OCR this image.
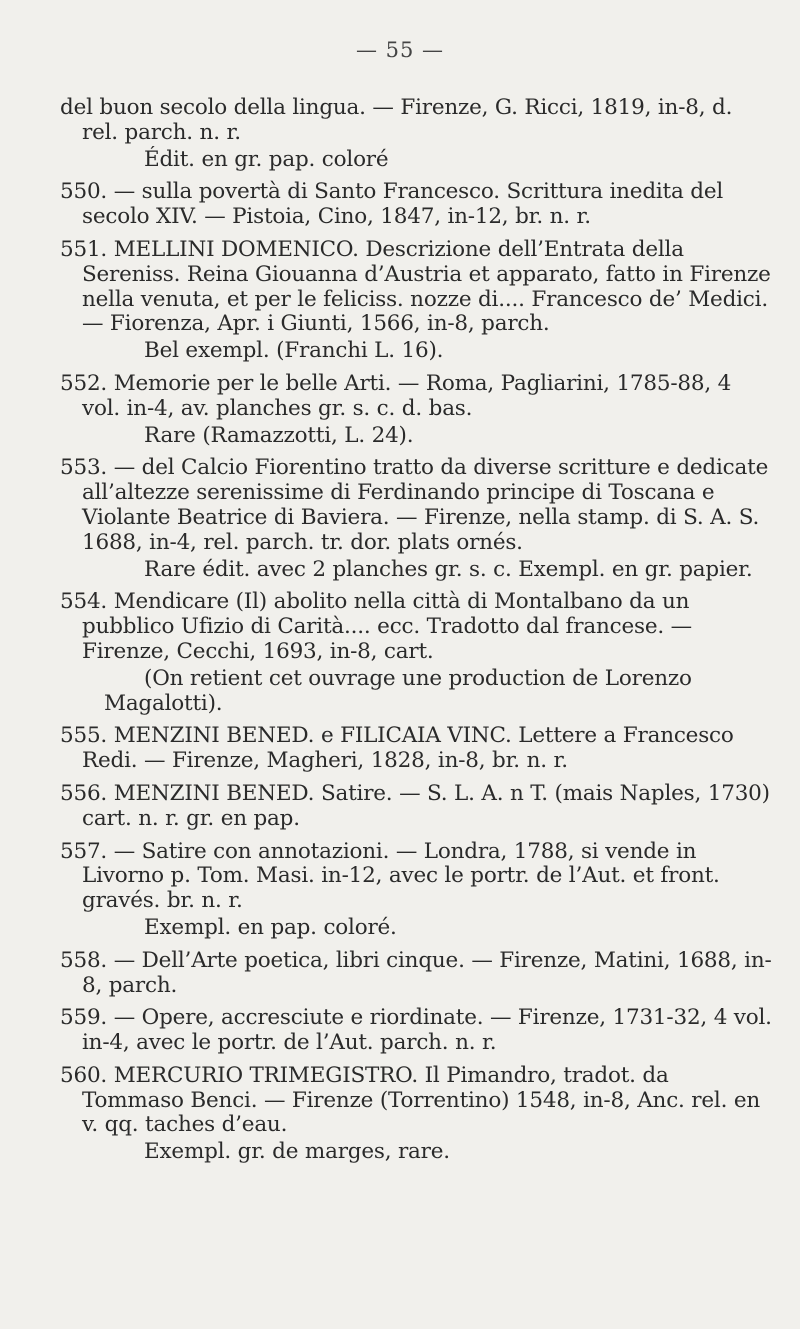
— 55 —
del buon secolo della lingua. — Firenze, G. Ricci, 1819, in-8, d. rel. parch. n. r.
Édit. en gr. pap. coloré
550. — sulla povertà di Santo Francesco. Scrittura inedita del secolo XIV. — Pistoia, Cino, 1847, in-12, br. n. r.
551. MELLINI DOMENICO. Descrizione dell’Entrata della Sereniss. Reina Giouanna d’Austria et apparato, fatto in Firenze nella venuta, et per le feliciss. nozze di.... Francesco de’ Medici. — Fiorenza, Apr. i Giunti, 1566, in-8, parch.
Bel exempl. (Franchi L. 16).
552. Memorie per le belle Arti. — Roma, Pagliarini, 1785-88, 4 vol. in-4, av. planches gr. s. c. d. bas.
Rare (Ramazzotti, L. 24).
553. — del Calcio Fiorentino tratto da diverse scritture e dedicate all’altezze serenissime di Ferdinando principe di Toscana e Violante Beatrice di Baviera. — Firenze, nella stamp. di S. A. S. 1688, in-4, rel. parch. tr. dor. plats ornés.
Rare édit. avec 2 planches gr. s. c. Exempl. en gr. papier.
554. Mendicare (Il) abolito nella città di Montalbano da un pubblico Ufizio di Carità.... ecc. Tradotto dal francese. — Firenze, Cecchi, 1693, in-8, cart.
(On retient cet ouvrage une production de Lorenzo Magalotti).
555. MENZINI BENED. e FILICAIA VINC. Lettere a Francesco Redi. — Firenze, Magheri, 1828, in-8, br. n. r.
556. MENZINI BENED. Satire. — S. L. A. n T. (mais Naples, 1730) cart. n. r. gr. en pap.
557. — Satire con annotazioni. — Londra, 1788, si vende in Livorno p. Tom. Masi. in-12, avec le portr. de l’Aut. et front. gravés. br. n. r.
Exempl. en pap. coloré.
558. — Dell’Arte poetica, libri cinque. — Firenze, Matini, 1688, in-8, parch.
559. — Opere, accresciute e riordinate. — Firenze, 1731-32, 4 vol. in-4, avec le portr. de l’Aut. parch. n. r.
560. MERCURIO TRIMEGISTRO. Il Pimandro, tradot. da Tommaso Benci. — Firenze (Torrentino) 1548, in-8, Anc. rel. en v. qq. taches d’eau.
Exempl. gr. de marges, rare.
